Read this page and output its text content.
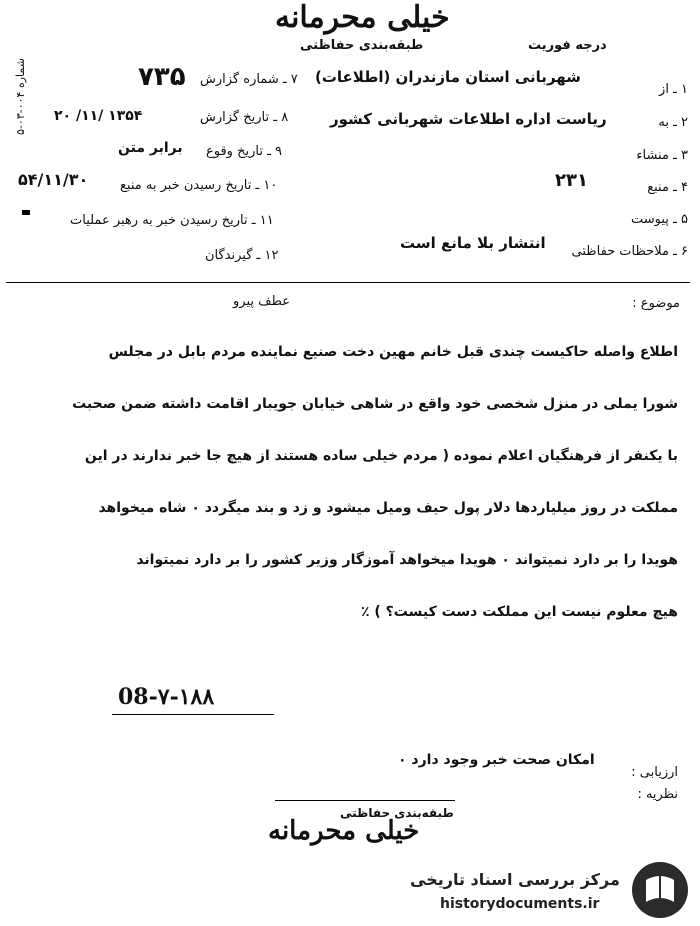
خیلی محرمانه
طبقه‌بندی حفاظتی	درجه فوریت
شماره ۰۰۴-۰۳-۵	شهربانی استان مازندران (اطلاعات)
ریاست اداره اطلاعات شهربانی کشور
۱ ـ از
۲ ـ به
۳ ـ منشاء
۴ ـ منبع
۲۳۱
۵ ـ پیوست
۶ ـ ملاحظات حفاظتی
انتشار بلا مانع است
۷ ـ شماره گزارش
۷۳۵
۸ ـ تاریخ گزارش
۲۰ /۱۱/ ۱۳۵۴
۹ ـ تاریخ وقوع
برابر متن
۱۰ ـ تاریخ رسیدن خبر به منبع
۵۴/۱۱/۳۰
۱۱ ـ تاریخ رسیدن خبر به رهبر عملیات
۱۲ ـ گیرندگان
موضوع :
عطف پیرو
اطلاع واصله حاکیست چندی قبل خانم مهین دخت صنیع نماینده مردم بابل در مجلس
شورا یملی در منزل شخصی خود واقع در شاهی خیابان جویبار اقامت داشته ضمن صحبت
با یکنفر از فرهنگیان اعلام نموده ( مردم خیلی ساده هستند از هیچ جا خبر ندارند در این
مملکت در روز میلیاردها دلار پول حیف ومیل میشود و زد و بند میگردد ۰ شاه میخواهد
هویدا را بر دارد نمیتواند ۰ هویدا میخواهد آموزگار وزیر کشور را بر دارد نمیتواند
هیچ معلوم نیست این مملکت دست کیست؟ ) ٪
08-۷-۱۸۸
ارزیابی :
امکان صحت خبر وجود دارد ۰
نظریه :
طبقه‌بندی حفاظتی
خیلی محرمانه
مرکز بررسی اسناد تاریخی
historydocuments.ir
